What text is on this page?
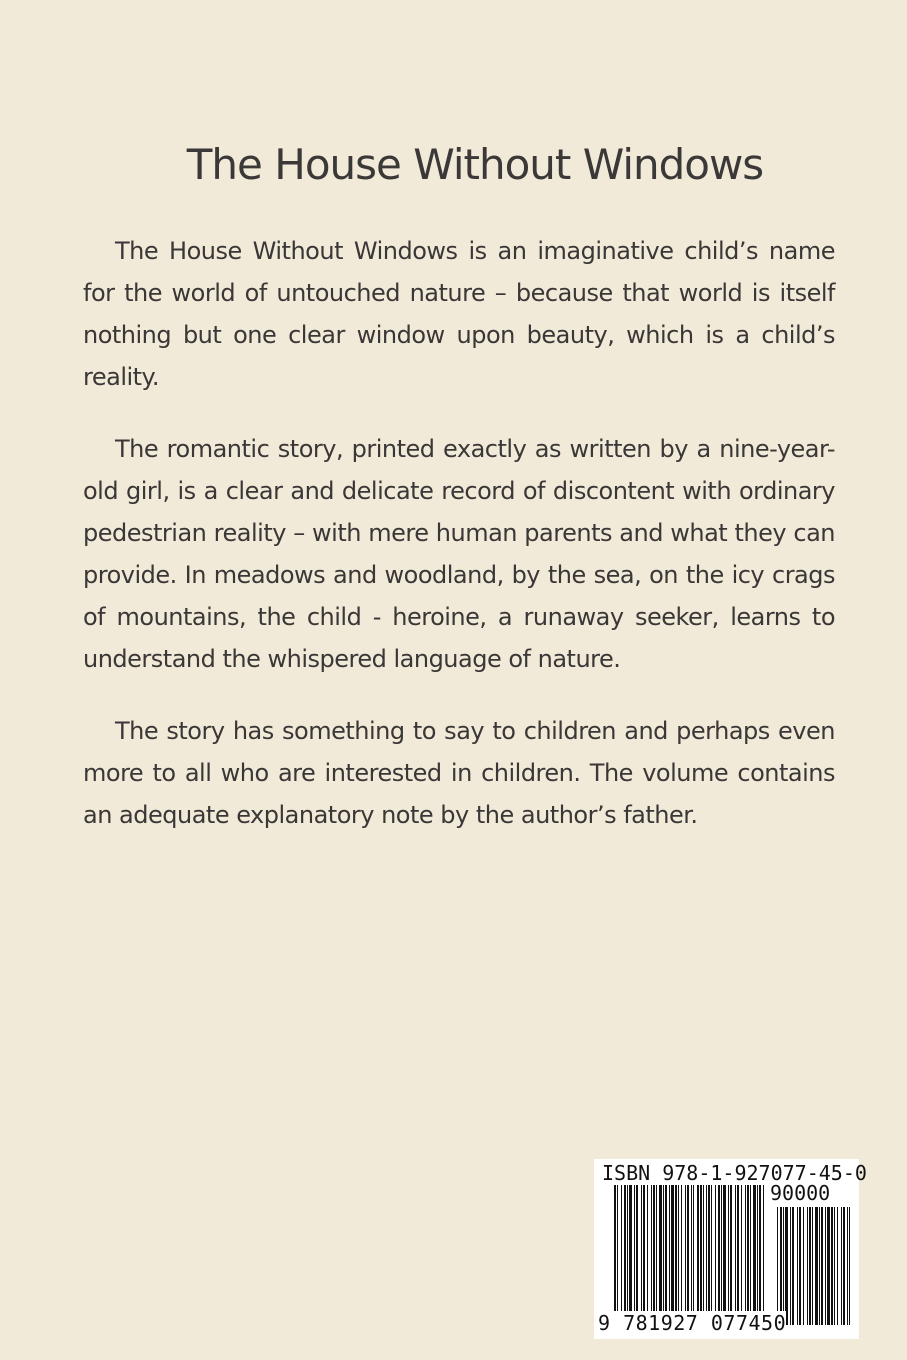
The House Without Windows

The House Without Windows is an imaginative child’s name for the world of untouched nature – because that world is itself nothing but one clear window upon beauty, which is a child’s reality.

The romantic story, printed exactly as written by a nine-year-old girl, is a clear and delicate record of discontent with ordinary pedestrian reality – with mere human parents and what they can provide. In meadows and woodland, by the sea, on the icy crags of mountains, the child - heroine, a runaway seeker, learns to understand the whispered language of nature.

The story has something to say to children and perhaps even more to all who are interested in children. The volume contains an adequate explanatory note by the author’s father.

ISBN 978-1-927077-45-0
90000
9 781927 077450
